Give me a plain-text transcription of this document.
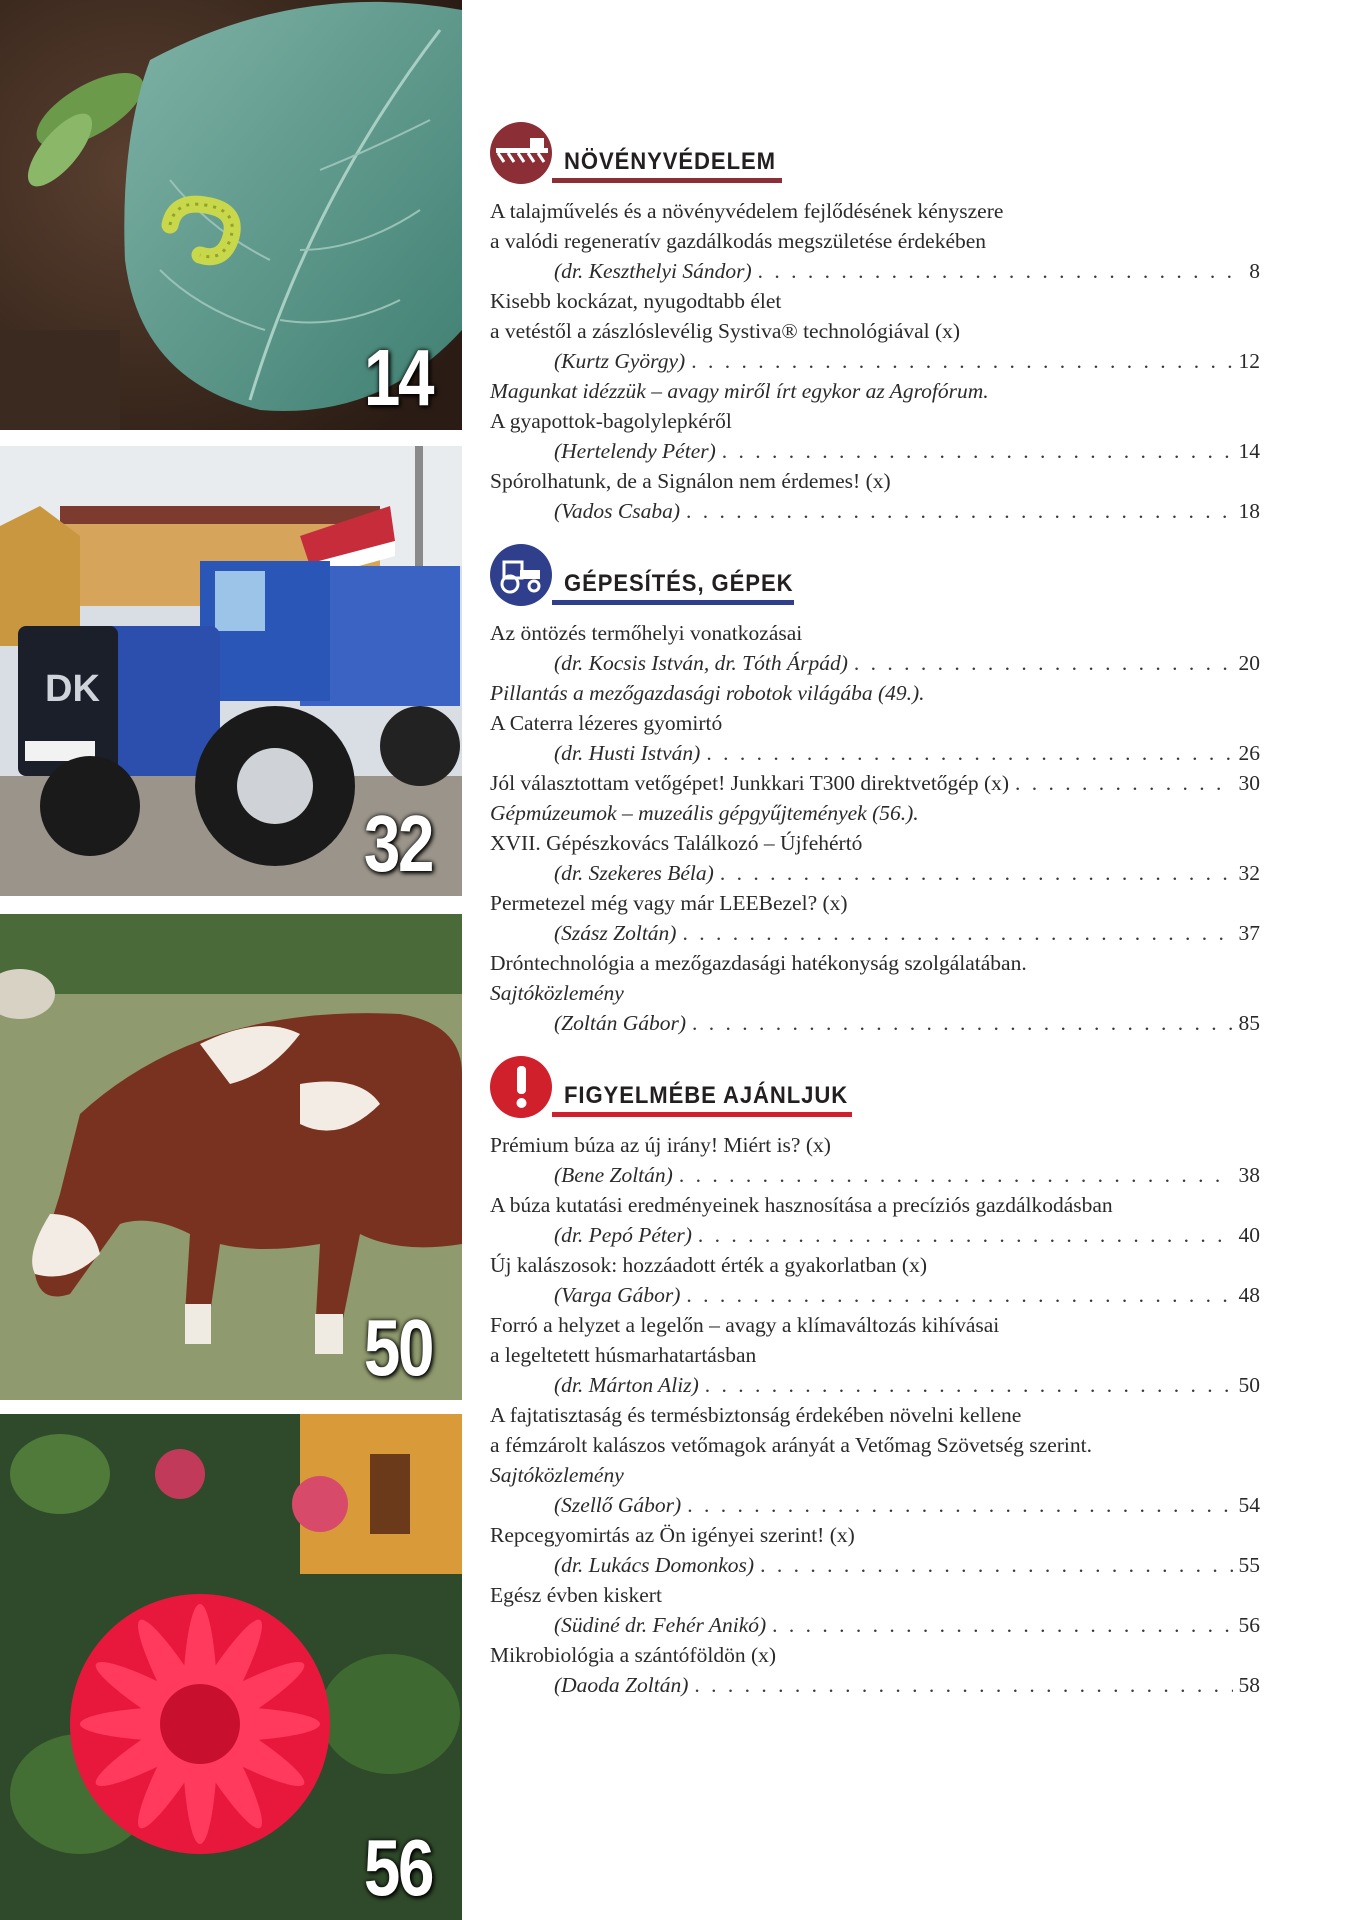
14
DK
32
50
56
NÖVÉNYVÉDELEM
A talajművelés és a növényvédelem fejlődésének kényszere
a valódi regeneratív gazdálkodás megszületése érdekében
(dr. Keszthelyi Sándor) . . .	8
Kisebb kockázat, nyugodtabb élet
a vetéstől a zászlóslevélig Systiva® technológiával (x)
(Kurtz György) . . .	12
Magunkat idézzük – avagy miről írt egykor az Agrofórum.
A gyapottok-bagolylepkéről
(Hertelendy Péter) . . .	14
Spórolhatunk, de a Signálon nem érdemes! (x)
(Vados Csaba) . . .	18
GÉPESÍTÉS, GÉPEK
Az öntözés termőhelyi vonatkozásai
(dr. Kocsis István, dr. Tóth Árpád) . . .	20
Pillantás a mezőgazdasági robotok világába (49.).
A Caterra lézeres gyomirtó
(dr. Husti István) . . .	26
Jól választottam vetőgépet! Junkkari T300 direktvetőgép (x) . . .	30
Gépmúzeumok – muzeális gépgyűjtemények (56.).
XVII. Gépészkovács Találkozó – Újfehértó
(dr. Szekeres Béla) . . .	32
Permetezel még vagy már LEEBezel? (x)
(Szász Zoltán) . . .	37
Dróntechnológia a mezőgazdasági hatékonyság szolgálatában.
Sajtóközlemény
(Zoltán Gábor) . . .	85
FIGYELMÉBE AJÁNLJUK
Prémium búza az új irány! Miért is? (x)
(Bene Zoltán) . . .	38
A búza kutatási eredményeinek hasznosítása a precíziós gazdálkodásban
(dr. Pepó Péter) . . .	40
Új kalászosok: hozzáadott érték a gyakorlatban (x)
(Varga Gábor) . . .	48
Forró a helyzet a legelőn – avagy a klímaváltozás kihívásai
a legeltetett húsmarhatartásban
(dr. Márton Aliz) . . .	50
A fajtatisztaság és termésbiztonság érdekében növelni kellene
a fémzárolt kalászos vetőmagok arányát a Vetőmag Szövetség szerint.
Sajtóközlemény
(Szellő Gábor) . . .	54
Repcegyomirtás az Ön igényei szerint! (x)
(dr. Lukács Domonkos) . . .	55
Egész évben kiskert
(Südiné dr. Fehér Anikó) . . .	56
Mikrobiológia a szántóföldön (x)
(Daoda Zoltán) . . .	58
